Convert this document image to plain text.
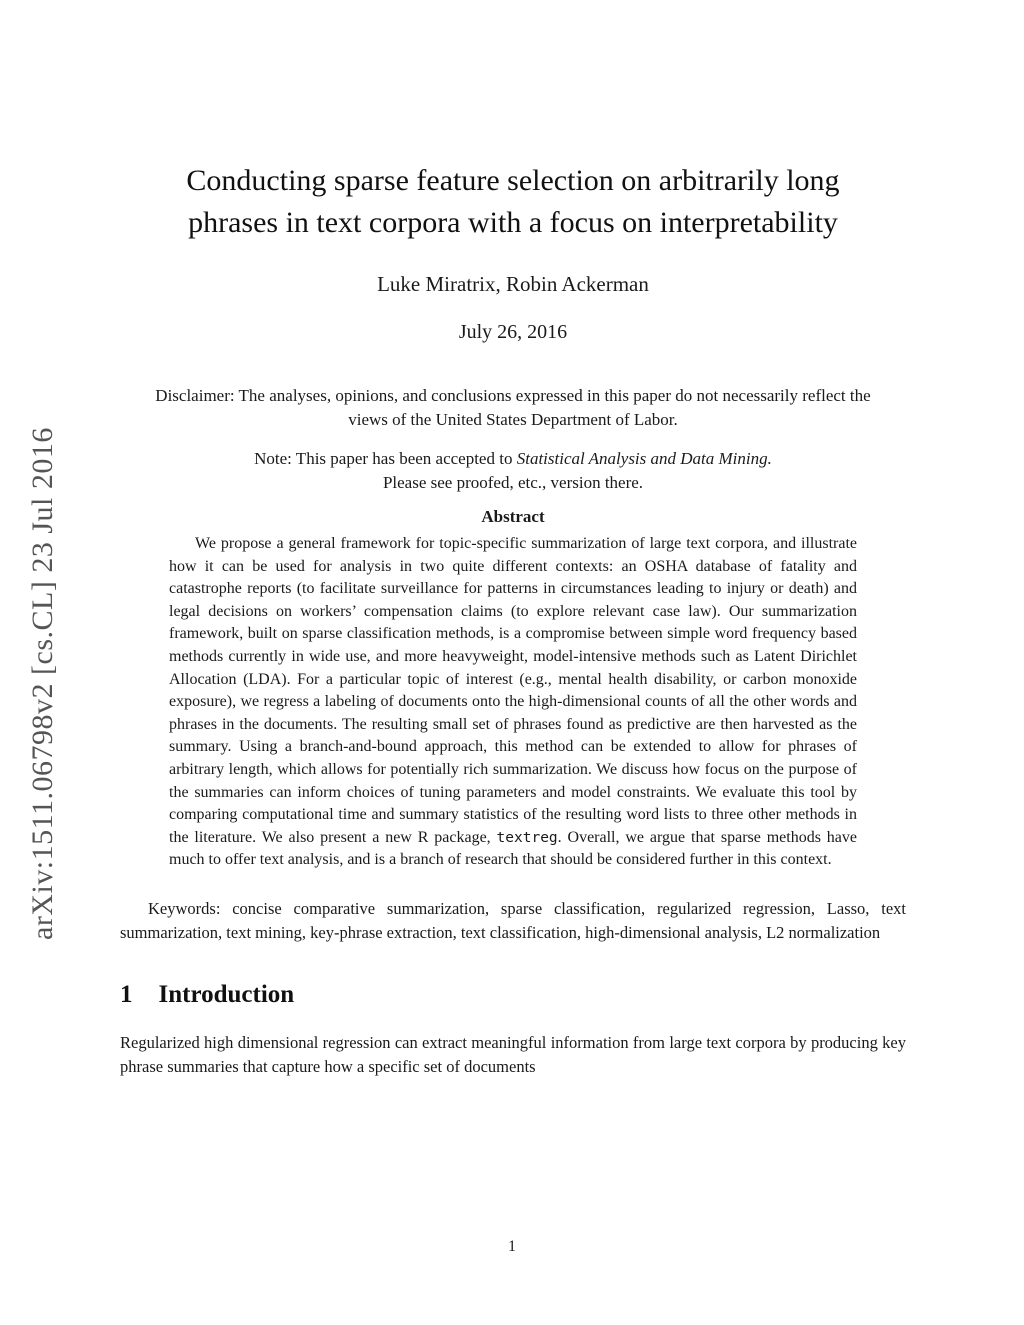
arXiv:1511.06798v2 [cs.CL] 23 Jul 2016
Conducting sparse feature selection on arbitrarily long
phrases in text corpora with a focus on interpretability
Luke Miratrix, Robin Ackerman
July 26, 2016
Disclaimer: The analyses, opinions, and conclusions expressed in this paper do not necessarily reflect the views of the United States Department of Labor.
Note: This paper has been accepted to Statistical Analysis and Data Mining.
Please see proofed, etc., version there.
Abstract

We propose a general framework for topic-specific summarization of large text corpora, and illustrate how it can be used for analysis in two quite different contexts: an OSHA database of fatality and catastrophe reports (to facilitate surveillance for patterns in circumstances leading to injury or death) and legal decisions on workers’ compensation claims (to explore relevant case law). Our summarization framework, built on sparse classification methods, is a compromise between simple word frequency based methods currently in wide use, and more heavyweight, model-intensive methods such as Latent Dirichlet Allocation (LDA). For a particular topic of interest (e.g., mental health disability, or carbon monoxide exposure), we regress a labeling of documents onto the high-dimensional counts of all the other words and phrases in the documents. The resulting small set of phrases found as predictive are then harvested as the summary. Using a branch-and-bound approach, this method can be extended to allow for phrases of arbitrary length, which allows for potentially rich summarization. We discuss how focus on the purpose of the summaries can inform choices of tuning parameters and model constraints. We evaluate this tool by comparing computational time and summary statistics of the resulting word lists to three other methods in the literature. We also present a new R package, textreg. Overall, we argue that sparse methods have much to offer text analysis, and is a branch of research that should be considered further in this context.

Keywords: concise comparative summarization, sparse classification, regularized regression, Lasso, text summarization, text mining, key-phrase extraction, text classification, high-dimensional analysis, L2 normalization

1 Introduction

Regularized high dimensional regression can extract meaningful information from large text corpora by producing key phrase summaries that capture how a specific set of documents

1
